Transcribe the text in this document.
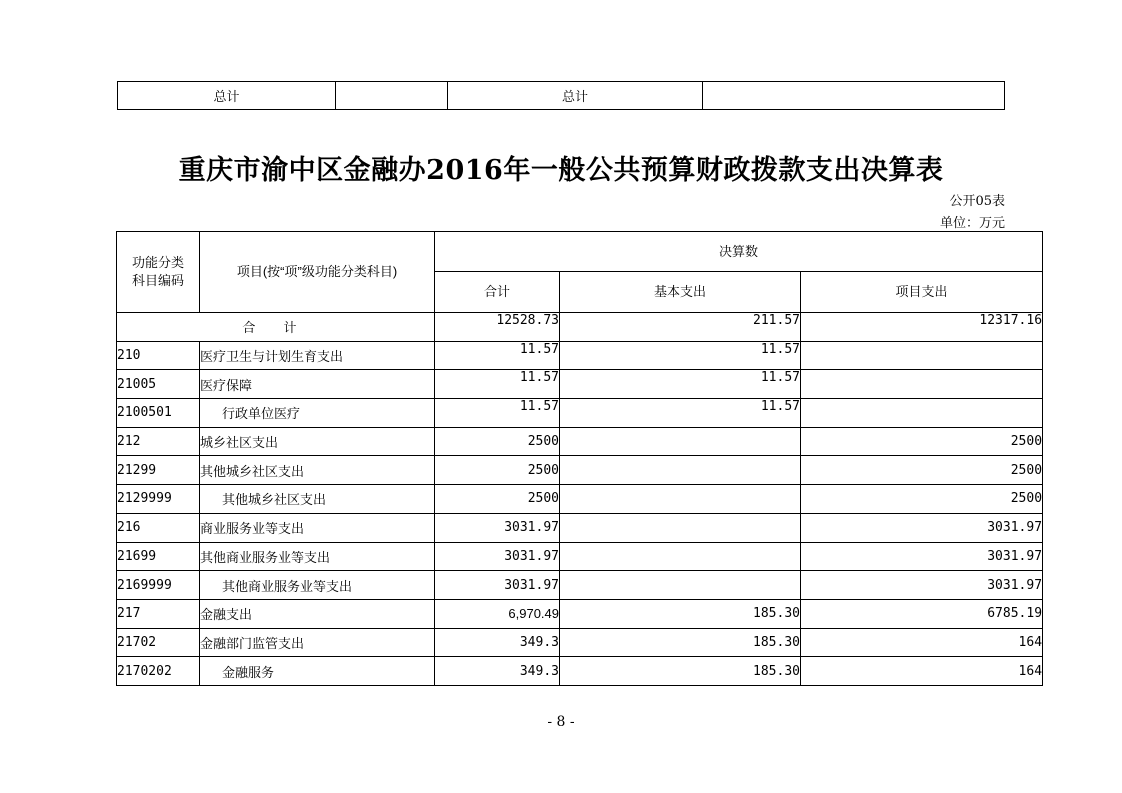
总计		总计	
重庆市渝中区金融办2016年一般公共预算财政拨款支出决算表
公开05表
单位：万元
功能分类
科目编码	项目(按“项”级功能分类科目)	决算数		
		合计	基本支出	项目支出
合 计		12528.73	211.57	12317.16
210	医疗卫生与计划生育支出	11.57	11.57	
21005	医疗保障	11.57	11.57	
2100501	行政单位医疗	11.57	11.57	
212	城乡社区支出	2500		2500
21299	其他城乡社区支出	2500		2500
2129999	其他城乡社区支出	2500		2500
216	商业服务业等支出	3031.97		3031.97
21699	其他商业服务业等支出	3031.97		3031.97
2169999	其他商业服务业等支出	3031.97		3031.97
217	金融支出	6,970.49	185.30	6785.19
21702	金融部门监管支出	349.3	185.30	164
2170202	金融服务	349.3	185.30	164
- 8 -
